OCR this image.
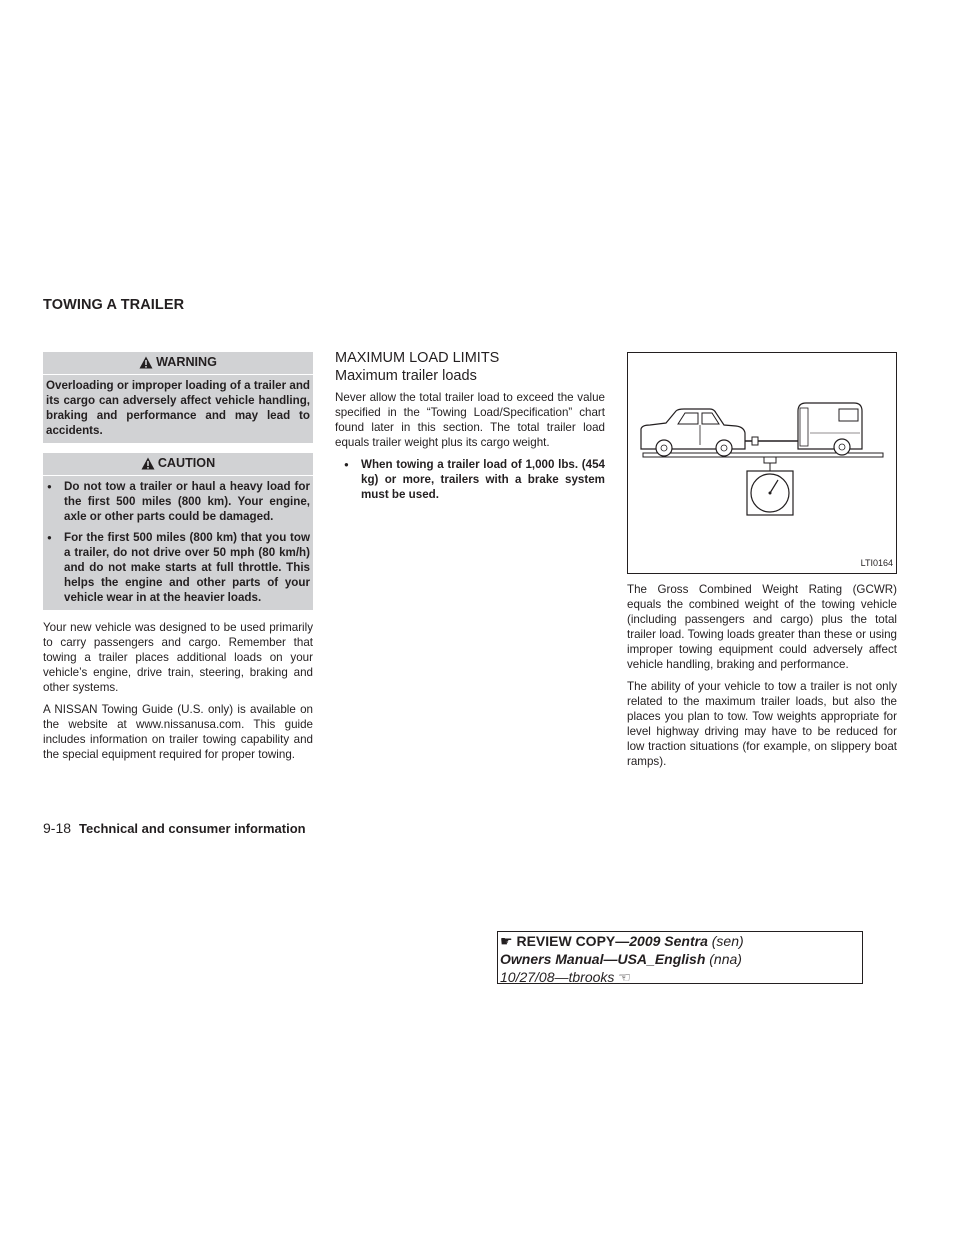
TOWING A TRAILER
WARNING

Overloading or improper loading of a trailer and its cargo can adversely affect vehicle handling, braking and performance and may lead to accidents.

CAUTION
● Do not tow a trailer or haul a heavy load for the first 500 miles (800 km). Your engine, axle or other parts could be damaged.
● For the first 500 miles (800 km) that you tow a trailer, do not drive over 50 mph (80 km/h) and do not make starts at full throttle. This helps the engine and other parts of your vehicle wear in at the heavier loads.

Your new vehicle was designed to be used primarily to carry passengers and cargo. Remember that towing a trailer places additional loads on your vehicle’s engine, drive train, steering, braking and other systems.

A NISSAN Towing Guide (U.S. only) is available on the website at www.nissanusa.com. This guide includes information on trailer towing capability and the special equipment required for proper towing.

MAXIMUM LOAD LIMITS
Maximum trailer loads

Never allow the total trailer load to exceed the value specified in the “Towing Load/Specification” chart found later in this section. The total trailer load equals trailer weight plus its cargo weight.

● When towing a trailer load of 1,000 lbs. (454 kg) or more, trailers with a brake system must be used.
LTI0164

The Gross Combined Weight Rating (GCWR) equals the combined weight of the towing vehicle (including passengers and cargo) plus the total trailer load. Towing loads greater than these or using improper towing equipment could adversely affect vehicle handling, braking and performance.

The ability of your vehicle to tow a trailer is not only related to the maximum trailer loads, but also the places you plan to tow. Tow weights appropriate for level highway driving may have to be reduced for low traction situations (for example, on slippery boat ramps).

9-18 Technical and consumer information
☛ REVIEW COPY—2009 Sentra (sen)
Owners Manual—USA_English (nna)
10/27/08—tbrooks ☜
